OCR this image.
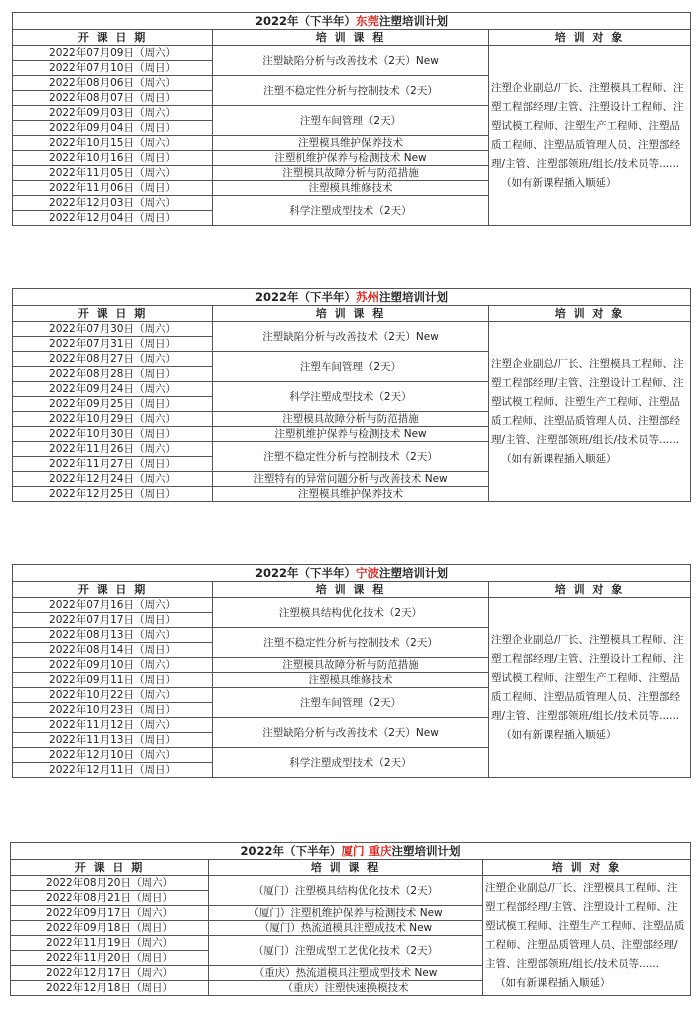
2022年（下半年）东莞注塑培训计划		
开 课 日 期	培 训 课 程	培 训 对 象
2022年07月09日（周六）	注塑缺陷分析与改善技术（2天）New	注塑企业副总/厂长、注塑模具工程师、注塑工程部经理/主管、注塑设计工程师、注塑试模工程师、注塑生产工程师、注塑品质工程师、注塑品质管理人员、注塑部经理/主管、注塑部领班/组长/技术员等......
（如有新课程插入顺延）

2022年07月10日（周日）		
2022年08月06日（周六）	注塑不稳定性分析与控制技术（2天）	
2022年08月07日（周日）		
2022年09月03日（周六）	注塑车间管理（2天）	
2022年09月04日（周日）		
2022年10月15日（周六）	注塑模具维护保养技术	
2022年10月16日（周日）	注塑机维护保养与检测技术 New	
2022年11月05日（周六）	注塑模具故障分析与防范措施	
2022年11月06日（周日）	注塑模具维修技术	
2022年12月03日（周六）	科学注塑成型技术（2天）	
2022年12月04日（周日）		
2022年（下半年）苏州注塑培训计划		
开 课 日 期	培 训 课 程	培 训 对 象
2022年07月30日（周六）	注塑缺陷分析与改善技术（2天）New	注塑企业副总/厂长、注塑模具工程师、注塑工程部经理/主管、注塑设计工程师、注塑试模工程师、注塑生产工程师、注塑品质工程师、注塑品质管理人员、注塑部经理/主管、注塑部领班/组长/技术员等......
（如有新课程插入顺延）

2022年07月31日（周日）		
2022年08月27日（周六）	注塑车间管理（2天）	
2022年08月28日（周日）		
2022年09月24日（周六）	科学注塑成型技术（2天）	
2022年09月25日（周日）		
2022年10月29日（周六）	注塑模具故障分析与防范措施	
2022年10月30日（周日）	注塑机维护保养与检测技术 New	
2022年11月26日（周六）	注塑不稳定性分析与控制技术（2天）	
2022年11月27日（周日）		
2022年12月24日（周六）	注塑特有的异常问题分析与改善技术 New	
2022年12月25日（周日）	注塑模具维护保养技术	
2022年（下半年）宁波注塑培训计划		
开 课 日 期	培 训 课 程	培 训 对 象
2022年07月16日（周六）	注塑模具结构优化技术（2天）	注塑企业副总/厂长、注塑模具工程师、注塑工程部经理/主管、注塑设计工程师、注塑试模工程师、注塑生产工程师、注塑品质工程师、注塑品质管理人员、注塑部经理/主管、注塑部领班/组长/技术员等......
（如有新课程插入顺延）

2022年07月17日（周日）		
2022年08月13日（周六）	注塑不稳定性分析与控制技术（2天）	
2022年08月14日（周日）		
2022年09月10日（周六）	注塑模具故障分析与防范措施	
2022年09月11日（周日）	注塑模具维修技术	
2022年10月22日（周六）	注塑车间管理（2天）	
2022年10月23日（周日）		
2022年11月12日（周六）	注塑缺陷分析与改善技术（2天）New	
2022年11月13日（周日）		
2022年12月10日（周六）	科学注塑成型技术（2天）	
2022年12月11日（周日）		
2022年（下半年）厦门 重庆注塑培训计划		
开 课 日 期	培 训 课 程	培 训 对 象
2022年08月20日（周六）	（厦门）注塑模具结构优化技术（2天）	注塑企业副总/厂长、注塑模具工程师、注塑工程部经理/主管、注塑设计工程师、注塑试模工程师、注塑生产工程师、注塑品质工程师、注塑品质管理人员、注塑部经理/主管、注塑部领班/组长/技术员等......
（如有新课程插入顺延）

2022年08月21日（周日）		
2022年09月17日（周六）	（厦门）注塑机维护保养与检测技术 New	
2022年09月18日（周日）	（厦门）热流道模具注塑成技术 New	
2022年11月19日（周六）	（厦门）注塑成型工艺优化技术（2天）	
2022年11月20日（周日）		
2022年12月17日（周六）	（重庆）热流道模具注塑成型技术 New	
2022年12月18日（周日）	（重庆）注塑快速换模技术	
